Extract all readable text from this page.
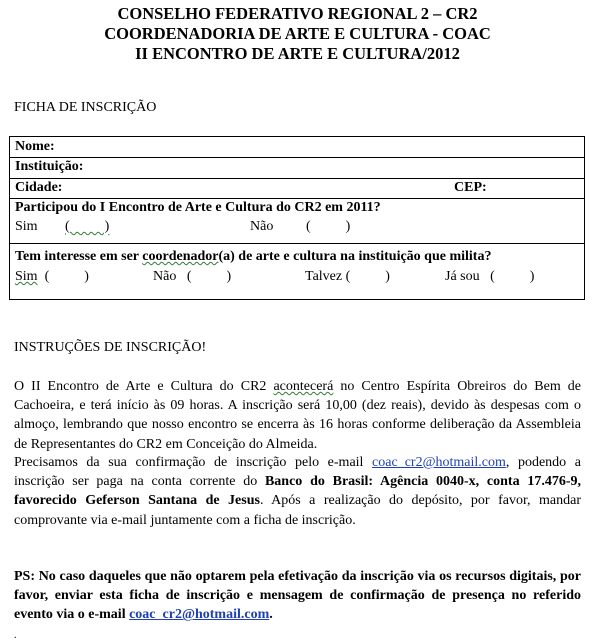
CONSELHO FEDERATIVO REGIONAL 2 – CR2
COORDENADORIA DE ARTE E CULTURA - COAC
II ENCONTRO DE ARTE E CULTURA/2012
FICHA DE INSCRIÇÃO
Nome:
Instituição:
Cidade:	CEP:
Participou do I Encontro de Arte e Cultura do CR2 em 2011?
Sim (          )	Não (          )
Tem interesse em ser coordenador(a) de arte e cultura na instituição que milita?
Sim  (          )	Não   (          )	Talvez (          )	Já sou   (          )
INSTRUÇÕES DE INSCRIÇÃO!
O II Encontro de Arte e Cultura do CR2 acontecerá no Centro Espírita Obreiros do Bem de Cachoeira, e terá início às 09 horas. A inscrição será 10,00 (dez reais), devido às despesas com o almoço, lembrando que nosso encontro se encerra às 16 horas conforme deliberação da Assembleia de Representantes do CR2 em Conceição do Almeida.
Precisamos da sua confirmação de inscrição pelo e-mail coac_cr2@hotmail.com, podendo a inscrição ser paga na conta corrente do Banco do Brasil: Agência 0040-x, conta 17.476-9, favorecido Geferson Santana de Jesus. Após a realização do depósito, por favor, mandar comprovante via e-mail juntamente com a ficha de inscrição.
PS: No caso daqueles que não optarem pela efetivação da inscrição via os recursos digitais, por favor, enviar esta ficha de inscrição e mensagem de confirmação de presença no referido evento via o e-mail coac_cr2@hotmail.com.
.
